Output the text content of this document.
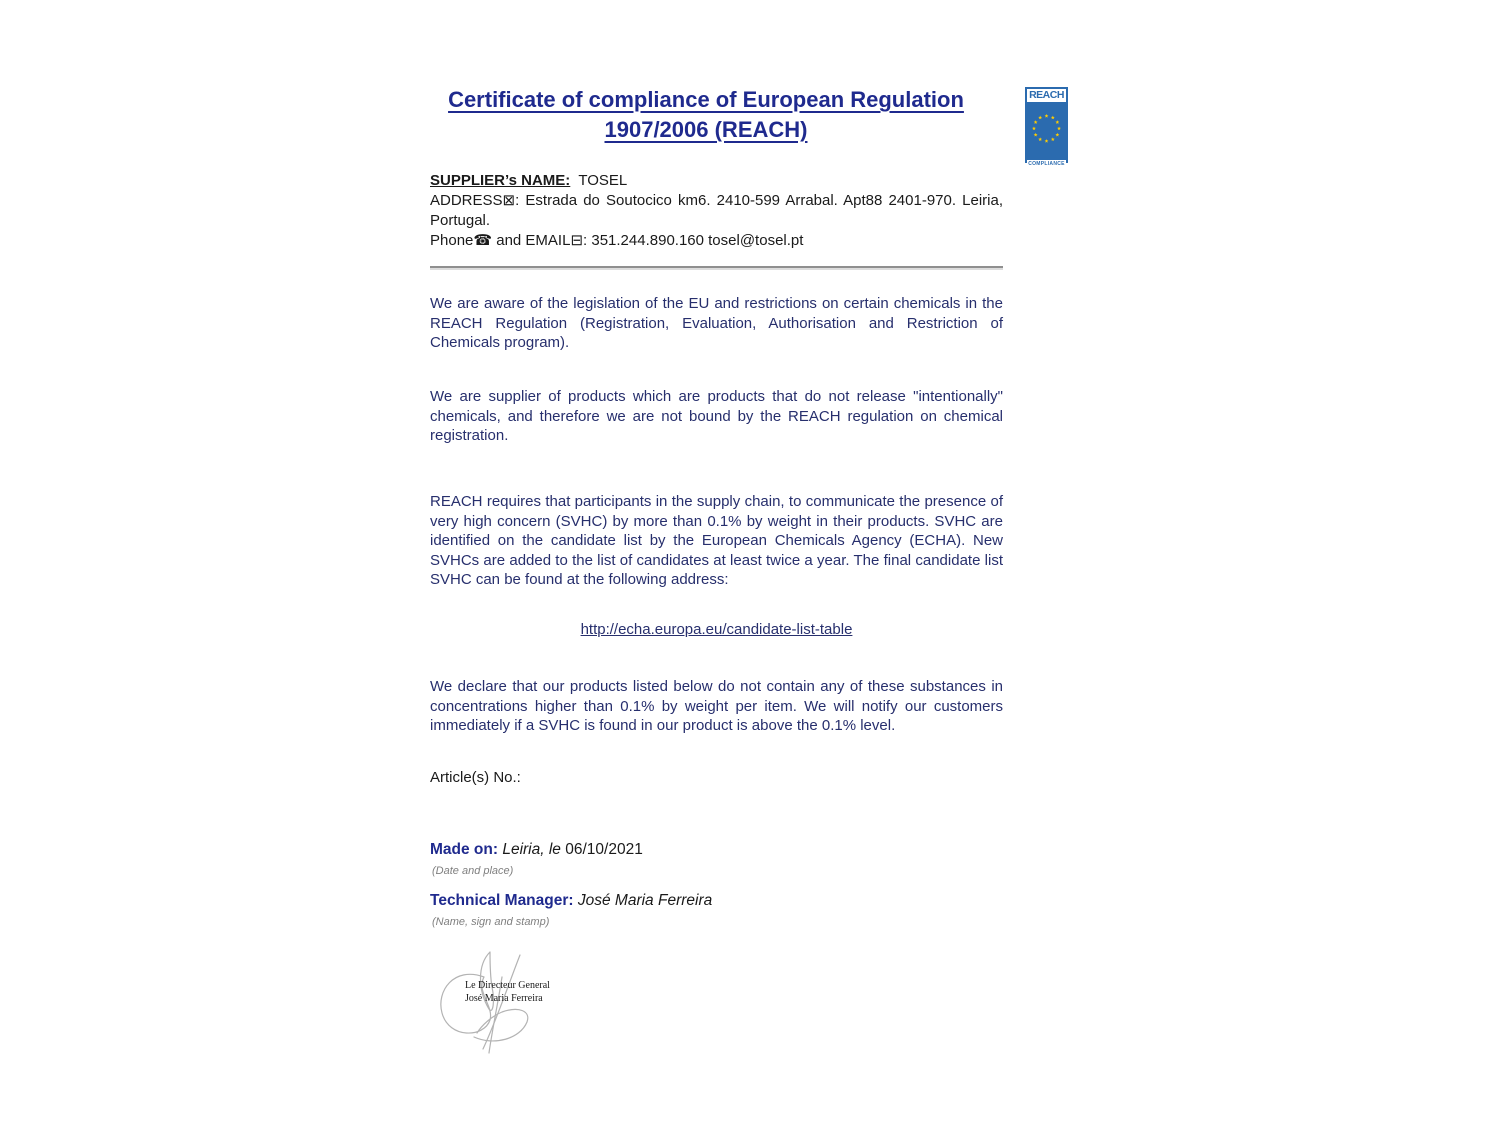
Certificate of compliance of European Regulation
1907/2006 (REACH)
REACH
COMPLIANCE
SUPPLIER’s NAME:  TOSEL
ADDRESS⊠: Estrada do Soutocico km6. 2410-599 Arrabal. Apt88 2401-970. Leiria, Portugal.
Phone☎ and EMAIL⊟: 351.244.890.160 tosel@tosel.pt
We are aware of the legislation of the EU and restrictions on certain chemicals in the REACH Regulation (Registration, Evaluation, Authorisation and Restriction of Chemicals program).
We are supplier of products which are products that do not release "intentionally" chemicals, and therefore we are not bound by the REACH regulation on chemical registration.
REACH requires that participants in the supply chain, to communicate the presence of very high concern (SVHC) by more than 0.1% by weight in their products. SVHC are identified on the candidate list by the European Chemicals Agency (ECHA). New SVHCs are added to the list of candidates at least twice a year. The final candidate list SVHC can be found at the following address:
http://echa.europa.eu/candidate-list-table
We declare that our products listed below do not contain any of these substances in concentrations higher than 0.1% by weight per item. We will notify our customers immediately if a SVHC is found in our product is above the 0.1% level.
Article(s) No.:
Made on: Leiria, le 06/10/2021
(Date and place)
Technical Manager: José Maria Ferreira
(Name, sign and stamp)
Le Directeur General
José Maria Ferreira
